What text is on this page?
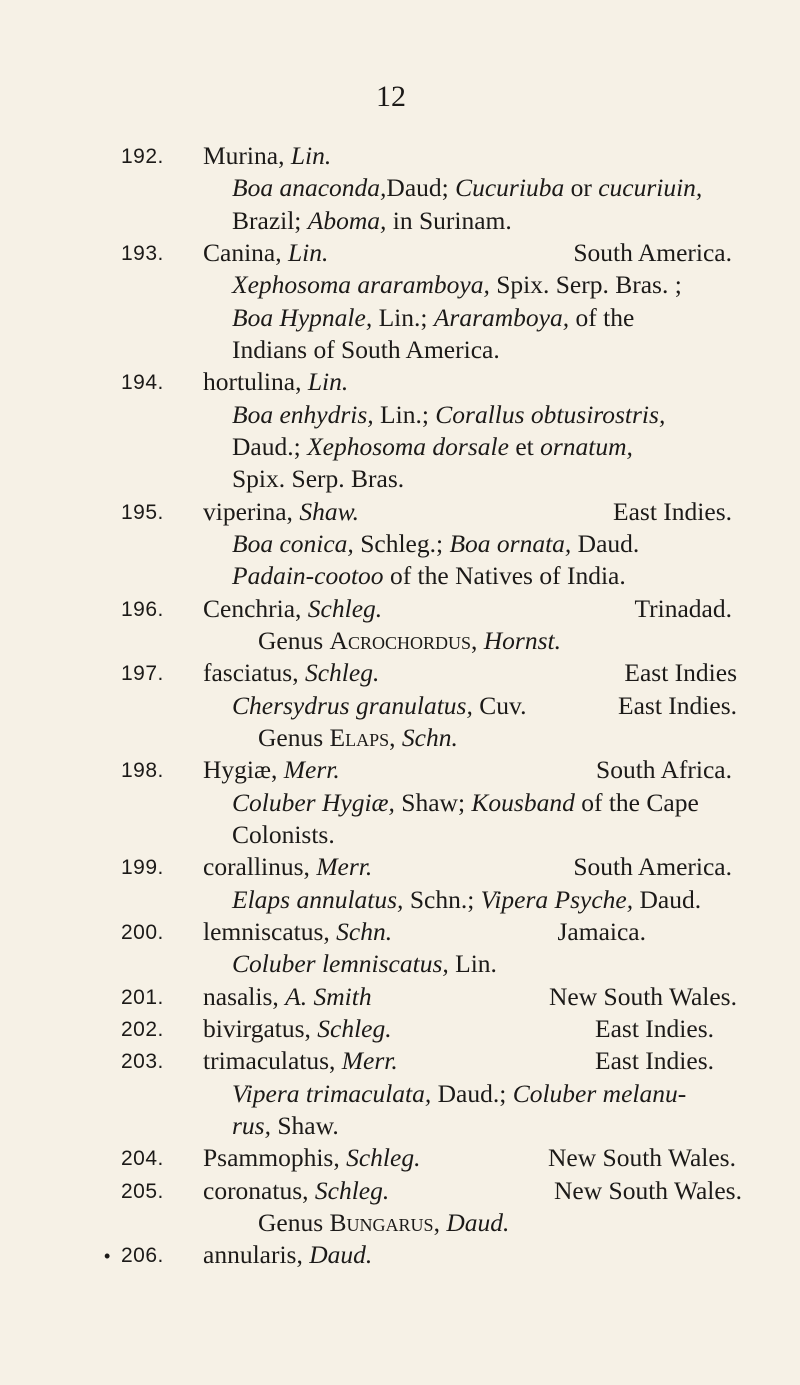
12
192. Murina, Lin.
Boa anaconda,Daud; Cucuriuba or cucuriuin,
Brazil; Aboma, in Surinam.
193. Canina, Lin.	South America.
Xephosoma araramboya, Spix. Serp. Bras. ;
Boa Hypnale, Lin.; Araramboya, of the
Indians of South America.
194. hortulina, Lin.
Boa enhydris, Lin.; Corallus obtusirostris,
Daud.; Xephosoma dorsale et ornatum,
Spix. Serp. Bras.
195. viperina, Shaw.	East Indies.
Boa conica, Schleg.; Boa ornata, Daud.
Padain-cootoo of the Natives of India.
196. Cenchria, Schleg.	Trinadad.
Genus Acrochordus, Hornst.
197. fasciatus, Schleg.	East Indies
Chersydrus granulatus, Cuv.	East Indies.
Genus Elaps, Schn.
198. Hygiæ, Merr.	South Africa.
Coluber Hygiæ, Shaw; Kousband of the Cape
Colonists.
199. corallinus, Merr.	South America.
Elaps annulatus, Schn.; Vipera Psyche, Daud.
200. lemniscatus, Schn.	Jamaica.
Coluber lemniscatus, Lin.
201. nasalis, A. Smith	New South Wales.
202. bivirgatus, Schleg.	East Indies.
203. trimaculatus, Merr.	East Indies.
Vipera trimaculata, Daud.; Coluber melanu-
rus, Shaw.
204. Psammophis, Schleg.	New South Wales.
205. coronatus, Schleg.	New South Wales.
Genus Bungarus, Daud.
• 206. annularis, Daud.
